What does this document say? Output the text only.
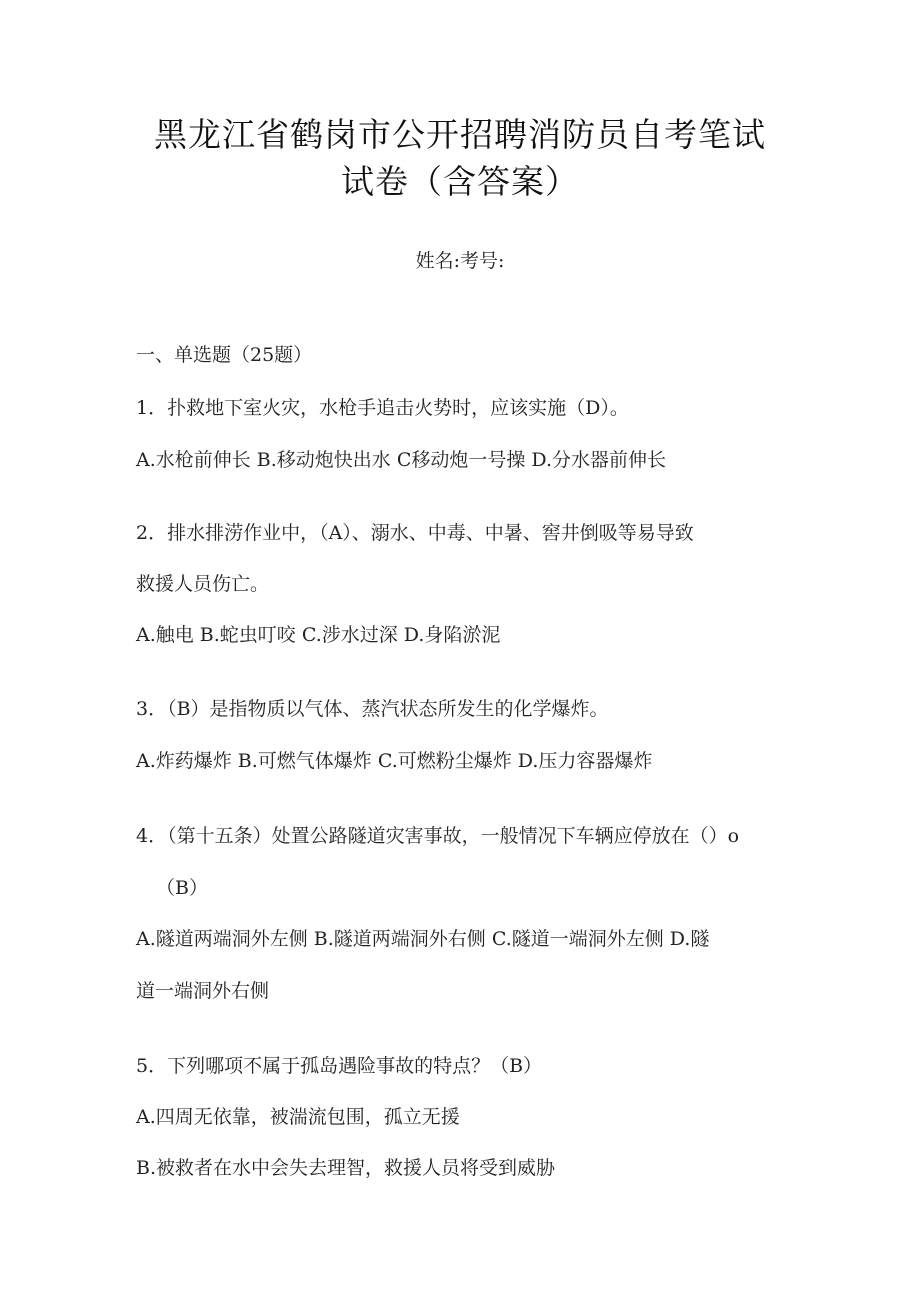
黑龙江省鹤岗市公开招聘消防员自考笔试
试卷（含答案）
姓名:考号:
一、单选题（25题）
1．扑救地下室火灾，水枪手追击火势时，应该实施（D）。
A.水枪前伸长 B.移动炮快出水 C移动炮一号操 D.分水器前伸长
2．排水排涝作业中，（A）、溺水、中毒、中暑、窖井倒吸等易导致
救援人员伤亡。
A.触电 B.蛇虫叮咬 C.涉水过深 D.身陷淤泥
3．（B）是指物质以气体、蒸汽状态所发生的化学爆炸。
A.炸药爆炸 B.可燃气体爆炸 C.可燃粉尘爆炸 D.压力容器爆炸
4．（第十五条）处置公路隧道灾害事故，一般情况下车辆应停放在（）o
（B）
A.隧道两端洞外左侧 B.隧道两端洞外右侧 C.隧道一端洞外左侧 D.隧
道一端洞外右侧
5．下列哪项不属于孤岛遇险事故的特点？（B）
A.四周无依靠，被湍流包围，孤立无援
B.被救者在水中会失去理智，救援人员将受到威胁
